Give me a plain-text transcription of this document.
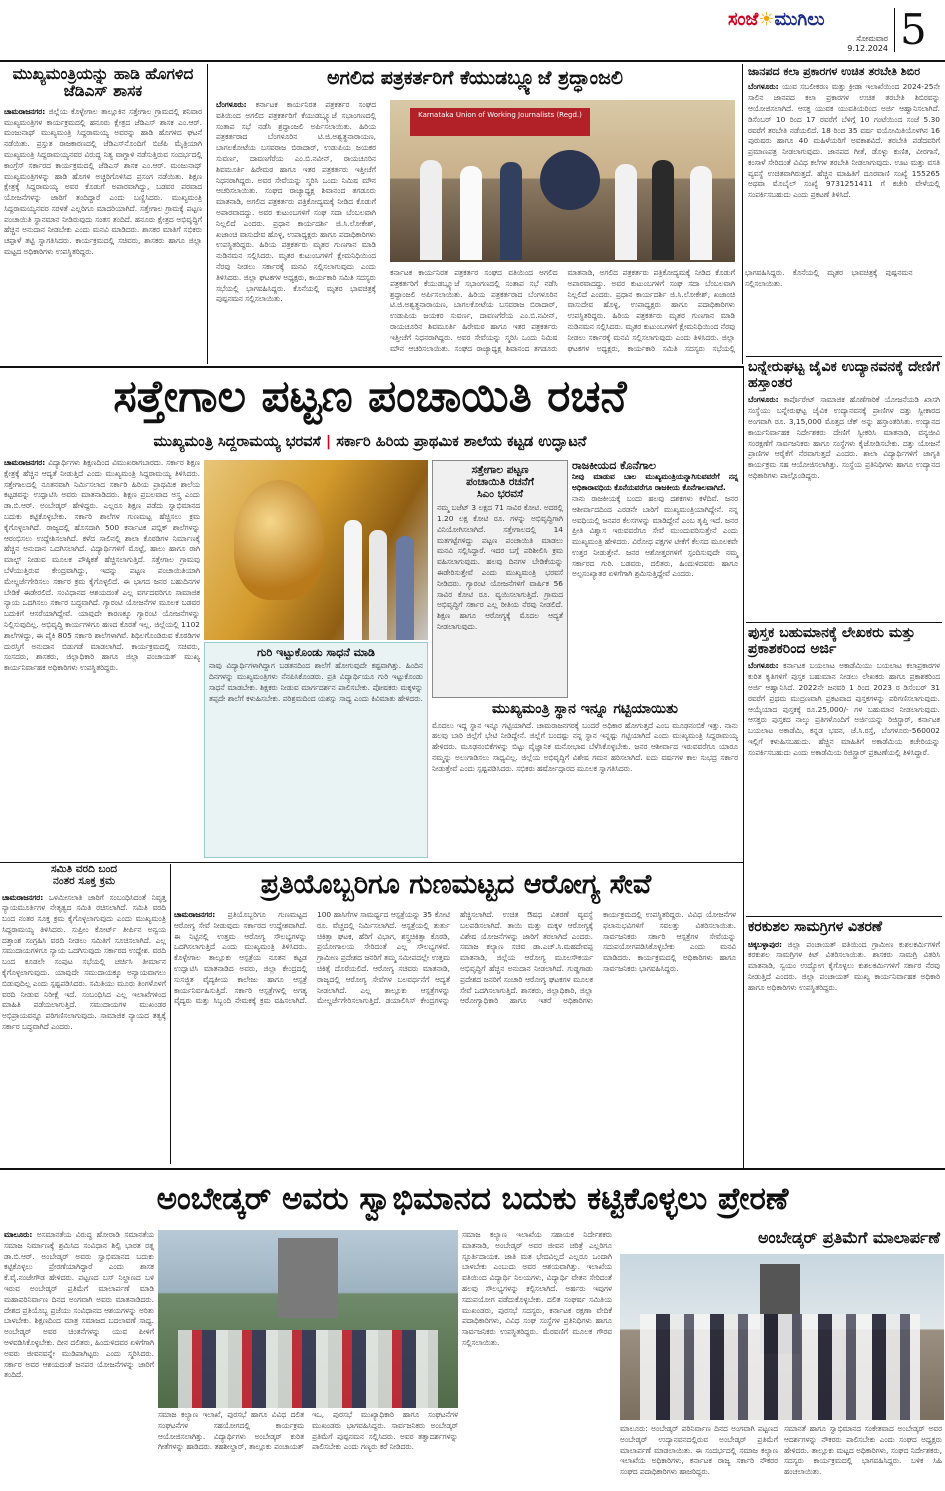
ಸಂಜೆ☀ಮುಗಿಲು
ಸೋಮವಾರ
9.12.2024 5
ಮುಖ್ಯಮಂತ್ರಿಯನ್ನು ಹಾಡಿ ಹೊಗಳಿದ ಜೆಡಿಎಸ್ ಶಾಸಕ
ಚಾಮರಾಜನಗರ: ಜಿಲ್ಲೆಯ ಕೊಳ್ಳೇಗಾಲ ತಾಲ್ಲೂಕಿನ ಸತ್ತೇಗಾಲ ಗ್ರಾಮದಲ್ಲಿ ಶನಿವಾರ ಮುಖ್ಯಮಂತ್ರಿಗಳ ಕಾರ್ಯಕ್ರಮದಲ್ಲಿ ಹನೂರು ಕ್ಷೇತ್ರದ ಜೆಡಿಎಸ್ ಶಾಸಕ ಎಂ.ಆರ್. ಮಂಜುನಾಥ್ ಮುಖ್ಯಮಂತ್ರಿ ಸಿದ್ದರಾಮಯ್ಯ ಅವರನ್ನು ಹಾಡಿ ಹೊಗಳಿದ ಘಟನೆ ನಡೆಯಿತು. ಪ್ರಸ್ತುತ ರಾಜಕಾರಣದಲ್ಲಿ ಜೆಡಿಎಸ್‌ನೊಂದಿಗೆ ಬಿಜೆಪಿ ಮೈತ್ರಿಯಾಗಿ ಮುಖ್ಯಮಂತ್ರಿ ಸಿದ್ದರಾಮಯ್ಯನವರ ವಿರುದ್ಧ ನಿತ್ಯ ವಾಗ್ದಾಳಿ ನಡೆಸುತ್ತಿರುವ ಸಂದರ್ಭದಲ್ಲಿ ಕಾಂಗ್ರೆಸ್ ಸರ್ಕಾರದ ಕಾರ್ಯಕ್ರಮದಲ್ಲಿ ಜೆಡಿಎಸ್ ಶಾಸಕ ಎಂ.ಆರ್. ಮಂಜುನಾಥ್ ಮುಖ್ಯಮಂತ್ರಿಗಳನ್ನು ಹಾಡಿ ಹೊಗಳಿ ಅಚ್ಚರಿಗೊಳಿಸಿದ ಪ್ರಸಂಗ ನಡೆಯಿತು. ಶಿಕ್ಷಣ ಕ್ಷೇತ್ರಕ್ಕೆ ಸಿದ್ದರಾಮಯ್ಯ ಅವರ ಕೊಡುಗೆ ಅಪಾರವಾಗಿದ್ದು, ಬಡವರ ಪರವಾದ ಯೋಜನೆಗಳನ್ನು ಜಾರಿಗೆ ತಂದಿದ್ದಾರೆ ಎಂದು ಬಣ್ಣಿಸಿದರು. ಮುಖ್ಯಮಂತ್ರಿ ಸಿದ್ದರಾಮಯ್ಯನವರ ಸರಳತೆ ಎಲ್ಲರಿಗೂ ಮಾದರಿಯಾಗಿದೆ. ಸತ್ತೇಗಾಲ ಗ್ರಾಮಕ್ಕೆ ಪಟ್ಟಣ ಪಂಚಾಯಿತಿ ಸ್ಥಾನಮಾನ ನೀಡಿರುವುದು ಸಂತಸ ತಂದಿದೆ. ಹನೂರು ಕ್ಷೇತ್ರದ ಅಭಿವೃದ್ಧಿಗೆ ಹೆಚ್ಚಿನ ಅನುದಾನ ನೀಡಬೇಕು ಎಂದು ಮನವಿ ಮಾಡಿದರು. ಶಾಸಕರ ಮಾತಿಗೆ ಸಭಿಕರು ಚಪ್ಪಾಳೆ ತಟ್ಟಿ ಸ್ವಾಗತಿಸಿದರು. ಕಾರ್ಯಕ್ರಮದಲ್ಲಿ ಸಚಿವರು, ಶಾಸಕರು ಹಾಗೂ ಜಿಲ್ಲಾ ಮಟ್ಟದ ಅಧಿಕಾರಿಗಳು ಉಪಸ್ಥಿತರಿದ್ದರು.
ಅಗಲಿದ ಪತ್ರಕರ್ತರಿಗೆ ಕೆಯುಡಬ್ಲ್ಯೂಜೆ ಶ್ರದ್ಧಾಂಜಲಿ
ಬೆಂಗಳೂರು: ಕರ್ನಾಟಕ ಕಾರ್ಯನಿರತ ಪತ್ರಕರ್ತರ ಸಂಘದ ವತಿಯಿಂದ ಅಗಲಿದ ಪತ್ರಕರ್ತರಿಗೆ ಕೆಯುಡಬ್ಲ್ಯೂಜೆ ಸಭಾಂಗಣದಲ್ಲಿ ಸಂತಾಪ ಸಭೆ ನಡೆಸಿ ಶ್ರದ್ಧಾಂಜಲಿ ಅರ್ಪಿಸಲಾಯಿತು. ಹಿರಿಯ ಪತ್ರಕರ್ತರಾದ ಬೆಂಗಳೂರಿನ ಟಿ.ಜಿ.ಅಶ್ವತ್ಥನಾರಾಯಣ, ಬಾಗಲಕೋಟೆಯ ಬಸವರಾಜ ಬಿರಾದಾರ್, ಉಡುಪಿಯ ಜಯಕರ ಸುವರ್ಣ, ದಾವಣಗೆರೆಯ ಎಂ.ಬಿ.ನವೀನ್, ರಾಯಚೂರಿನ ಶಿವಮೂರ್ತಿ ಹಿರೇಮಠ ಹಾಗೂ ಇತರ ಪತ್ರಕರ್ತರು ಇತ್ತೀಚೆಗೆ ನಿಧನರಾಗಿದ್ದರು. ಅವರ ಸೇವೆಯನ್ನು ಸ್ಮರಿಸಿ ಒಂದು ನಿಮಿಷ ಮೌನ ಆಚರಿಸಲಾಯಿತು. ಸಂಘದ ರಾಜ್ಯಾಧ್ಯಕ್ಷ ಶಿವಾನಂದ ತಗಡೂರು ಮಾತನಾಡಿ, ಅಗಲಿದ ಪತ್ರಕರ್ತರು ಪತ್ರಿಕೋದ್ಯಮಕ್ಕೆ ನೀಡಿದ ಕೊಡುಗೆ ಅಪಾರವಾದದ್ದು. ಅವರ ಕುಟುಂಬಗಳಿಗೆ ಸಂಘ ಸದಾ ಬೆಂಬಲವಾಗಿ ನಿಲ್ಲಲಿದೆ ಎಂದರು. ಪ್ರಧಾನ ಕಾರ್ಯದರ್ಶಿ ಜಿ.ಸಿ.ಲೋಕೇಶ್, ಖಜಾಂಚಿ ವಾಸುದೇವ ಹೊಳ್ಳ, ಉಪಾಧ್ಯಕ್ಷರು ಹಾಗೂ ಪದಾಧಿಕಾರಿಗಳು ಉಪಸ್ಥಿತರಿದ್ದರು. ಹಿರಿಯ ಪತ್ರಕರ್ತರು ಮೃತರ ಗುಣಗಾನ ಮಾಡಿ ನುಡಿನಮನ ಸಲ್ಲಿಸಿದರು. ಮೃತರ ಕುಟುಂಬಗಳಿಗೆ ಕ್ಷೇಮನಿಧಿಯಿಂದ ನೆರವು ನೀಡಲು ಸರ್ಕಾರಕ್ಕೆ ಮನವಿ ಸಲ್ಲಿಸಲಾಗುವುದು ಎಂದು ತಿಳಿಸಿದರು. ಜಿಲ್ಲಾ ಘಟಕಗಳ ಅಧ್ಯಕ್ಷರು, ಕಾರ್ಯಕಾರಿ ಸಮಿತಿ ಸದಸ್ಯರು ಸಭೆಯಲ್ಲಿ ಭಾಗವಹಿಸಿದ್ದರು. ಕೊನೆಯಲ್ಲಿ ಮೃತರ ಭಾವಚಿತ್ರಕ್ಕೆ ಪುಷ್ಪನಮನ ಸಲ್ಲಿಸಲಾಯಿತು.
Karnataka Union of Working Journalists (Regd.)
ಕರ್ನಾಟಕ ಕಾರ್ಯನಿರತ ಪತ್ರಕರ್ತರ ಸಂಘದ ವತಿಯಿಂದ ಅಗಲಿದ ಪತ್ರಕರ್ತರಿಗೆ ಕೆಯುಡಬ್ಲ್ಯೂಜೆ ಸಭಾಂಗಣದಲ್ಲಿ ಸಂತಾಪ ಸಭೆ ನಡೆಸಿ ಶ್ರದ್ಧಾಂಜಲಿ ಅರ್ಪಿಸಲಾಯಿತು. ಹಿರಿಯ ಪತ್ರಕರ್ತರಾದ ಬೆಂಗಳೂರಿನ ಟಿ.ಜಿ.ಅಶ್ವತ್ಥನಾರಾಯಣ, ಬಾಗಲಕೋಟೆಯ ಬಸವರಾಜ ಬಿರಾದಾರ್, ಉಡುಪಿಯ ಜಯಕರ ಸುವರ್ಣ, ದಾವಣಗೆರೆಯ ಎಂ.ಬಿ.ನವೀನ್, ರಾಯಚೂರಿನ ಶಿವಮೂರ್ತಿ ಹಿರೇಮಠ ಹಾಗೂ ಇತರ ಪತ್ರಕರ್ತರು ಇತ್ತೀಚೆಗೆ ನಿಧನರಾಗಿದ್ದರು. ಅವರ ಸೇವೆಯನ್ನು ಸ್ಮರಿಸಿ ಒಂದು ನಿಮಿಷ ಮೌನ ಆಚರಿಸಲಾಯಿತು. ಸಂಘದ ರಾಜ್ಯಾಧ್ಯಕ್ಷ ಶಿವಾನಂದ ತಗಡೂರು ಮಾತನಾಡಿ, ಅಗಲಿದ ಪತ್ರಕರ್ತರು ಪತ್ರಿಕೋದ್ಯಮಕ್ಕೆ ನೀಡಿದ ಕೊಡುಗೆ ಅಪಾರವಾದದ್ದು. ಅವರ ಕುಟುಂಬಗಳಿಗೆ ಸಂಘ ಸದಾ ಬೆಂಬಲವಾಗಿ ನಿಲ್ಲಲಿದೆ ಎಂದರು. ಪ್ರಧಾನ ಕಾರ್ಯದರ್ಶಿ ಜಿ.ಸಿ.ಲೋಕೇಶ್, ಖಜಾಂಚಿ ವಾಸುದೇವ ಹೊಳ್ಳ, ಉಪಾಧ್ಯಕ್ಷರು ಹಾಗೂ ಪದಾಧಿಕಾರಿಗಳು ಉಪಸ್ಥಿತರಿದ್ದರು. ಹಿರಿಯ ಪತ್ರಕರ್ತರು ಮೃತರ ಗುಣಗಾನ ಮಾಡಿ ನುಡಿನಮನ ಸಲ್ಲಿಸಿದರು. ಮೃತರ ಕುಟುಂಬಗಳಿಗೆ ಕ್ಷೇಮನಿಧಿಯಿಂದ ನೆರವು ನೀಡಲು ಸರ್ಕಾರಕ್ಕೆ ಮನವಿ ಸಲ್ಲಿಸಲಾಗುವುದು ಎಂದು ತಿಳಿಸಿದರು. ಜಿಲ್ಲಾ ಘಟಕಗಳ ಅಧ್ಯಕ್ಷರು, ಕಾರ್ಯಕಾರಿ ಸಮಿತಿ ಸದಸ್ಯರು ಸಭೆಯಲ್ಲಿ ಭಾಗವಹಿಸಿದ್ದರು. ಕೊನೆಯಲ್ಲಿ ಮೃತರ ಭಾವಚಿತ್ರಕ್ಕೆ ಪುಷ್ಪನಮನ ಸಲ್ಲಿಸಲಾಯಿತು.
ಜಾನಪದ ಕಲಾ ಪ್ರಕಾರಗಳ ಉಚಿತ ತರಬೇತಿ ಶಿಬಿರ
ಬೆಂಗಳೂರು: ಯುವ ಸಬಲೀಕರಣ ಮತ್ತು ಕ್ರೀಡಾ ಇಲಾಖೆಯಿಂದ 2024-25ನೇ ಸಾಲಿನ ಜಾನಪದ ಕಲಾ ಪ್ರಕಾರಗಳ ಉಚಿತ ತರಬೇತಿ ಶಿಬಿರವನ್ನು ಆಯೋಜಿಸಲಾಗಿದೆ. ಆಸಕ್ತ ಯುವಕ ಯುವತಿಯರಿಂದ ಅರ್ಜಿ ಆಹ್ವಾನಿಸಲಾಗಿದೆ. ಡಿಸೆಂಬರ್ 10 ರಿಂದ 17 ರವರೆಗೆ ಬೆಳಿಗ್ಗೆ 10 ಗಂಟೆಯಿಂದ ಸಂಜೆ 5.30 ರವರೆಗೆ ತರಬೇತಿ ನಡೆಯಲಿದೆ. 18 ರಿಂದ 35 ವರ್ಷ ವಯೋಮಿತಿಯೊಳಗಿನ 16 ಪುರುಷರು ಹಾಗೂ 40 ಮಹಿಳೆಯರಿಗೆ ಅವಕಾಶವಿದೆ. ತರಬೇತಿ ಪಡೆದವರಿಗೆ ಪ್ರಮಾಣಪತ್ರ ನೀಡಲಾಗುವುದು. ಜಾನಪದ ಗೀತೆ, ಡೊಳ್ಳು ಕುಣಿತ, ವೀರಗಾಸೆ, ಕಂಸಾಳೆ ಸೇರಿದಂತೆ ವಿವಿಧ ಕಲೆಗಳ ತರಬೇತಿ ನೀಡಲಾಗುವುದು. ಊಟ ಮತ್ತು ವಸತಿ ವ್ಯವಸ್ಥೆ ಉಚಿತವಾಗಿರುತ್ತದೆ. ಹೆಚ್ಚಿನ ಮಾಹಿತಿಗೆ ದೂರವಾಣಿ ಸಂಖ್ಯೆ 155265 ಅಥವಾ ಮೊಬೈಲ್ ಸಂಖ್ಯೆ 9731251411 ಗೆ ಕಚೇರಿ ವೇಳೆಯಲ್ಲಿ ಸಂಪರ್ಕಿಸಬಹುದು ಎಂದು ಪ್ರಕಟಣೆ ತಿಳಿಸಿದೆ.
ಬನ್ನೇರುಘಟ್ಟ ಜೈವಿಕ ಉದ್ಯಾನವನಕ್ಕೆ ದೇಣಿಗೆ ಹಸ್ತಾಂತರ
ಬೆಂಗಳೂರು: ಕಾರ್ಪೊರೇಟ್ ಸಾಮಾಜಿಕ ಹೊಣೆಗಾರಿಕೆ ಯೋಜನೆಯಡಿ ಖಾಸಗಿ ಸಂಸ್ಥೆಯು ಬನ್ನೇರುಘಟ್ಟ ಜೈವಿಕ ಉದ್ಯಾನವನಕ್ಕೆ ಪ್ರಾಣಿಗಳ ದತ್ತು ಸ್ವೀಕಾರದ ಅಂಗವಾಗಿ ರೂ. 3,15,000 ಮೊತ್ತದ ಚೆಕ್ ಅನ್ನು ಹಸ್ತಾಂತರಿಸಿತು. ಉದ್ಯಾನದ ಕಾರ್ಯನಿರ್ವಾಹಕ ನಿರ್ದೇಶಕರು ದೇಣಿಗೆ ಸ್ವೀಕರಿಸಿ ಮಾತನಾಡಿ, ವನ್ಯಜೀವಿ ಸಂರಕ್ಷಣೆಗೆ ಸಾರ್ವಜನಿಕರು ಹಾಗೂ ಸಂಸ್ಥೆಗಳು ಕೈಜೋಡಿಸಬೇಕು. ದತ್ತು ಯೋಜನೆ ಪ್ರಾಣಿಗಳ ಆರೈಕೆಗೆ ನೆರವಾಗುತ್ತದೆ ಎಂದರು. ಶಾಲಾ ವಿದ್ಯಾರ್ಥಿಗಳಿಗೆ ಜಾಗೃತಿ ಕಾರ್ಯಕ್ರಮ ಸಹ ಆಯೋಜಿಸಲಾಗಿತ್ತು. ಸಂಸ್ಥೆಯ ಪ್ರತಿನಿಧಿಗಳು ಹಾಗೂ ಉದ್ಯಾನದ ಅಧಿಕಾರಿಗಳು ಪಾಲ್ಗೊಂಡಿದ್ದರು.
ಪುಸ್ತಕ ಬಹುಮಾನಕ್ಕೆ ಲೇಖಕರು ಮತ್ತು ಪ್ರಕಾಶಕರಿಂದ ಅರ್ಜಿ
ಬೆಂಗಳೂರು: ಕರ್ನಾಟಕ ಬಯಲಾಟ ಅಕಾಡೆಮಿಯು ಬಯಲಾಟ ಕಲಾಪ್ರಕಾರಗಳ ಕುರಿತ ಕೃತಿಗಳಿಗೆ ಪುಸ್ತಕ ಬಹುಮಾನ ನೀಡಲು ಲೇಖಕರು ಹಾಗೂ ಪ್ರಕಾಶಕರಿಂದ ಅರ್ಜಿ ಆಹ್ವಾನಿಸಿದೆ. 2022ನೇ ಜನವರಿ 1 ರಿಂದ 2023 ರ ಡಿಸೆಂಬರ್ 31 ರವರೆಗೆ ಪ್ರಥಮ ಮುದ್ರಣವಾಗಿ ಪ್ರಕಟವಾದ ಪುಸ್ತಕಗಳನ್ನು ಪರಿಗಣಿಸಲಾಗುವುದು. ಆಯ್ಕೆಯಾದ ಪುಸ್ತಕಕ್ಕೆ ರೂ.25,000/- ಗಳ ಬಹುಮಾನ ನೀಡಲಾಗುವುದು. ಆಸಕ್ತರು ಪುಸ್ತಕದ ನಾಲ್ಕು ಪ್ರತಿಗಳೊಂದಿಗೆ ಅರ್ಜಿಯನ್ನು ರಿಜಿಸ್ಟ್ರಾರ್, ಕರ್ನಾಟಕ ಬಯಲಾಟ ಅಕಾಡೆಮಿ, ಕನ್ನಡ ಭವನ, ಜೆ.ಸಿ.ರಸ್ತೆ, ಬೆಂಗಳೂರು-560002 ಇಲ್ಲಿಗೆ ಕಳುಹಿಸಬಹುದು. ಹೆಚ್ಚಿನ ಮಾಹಿತಿಗೆ ಅಕಾಡೆಮಿಯ ಕಚೇರಿಯನ್ನು ಸಂಪರ್ಕಿಸಬಹುದು ಎಂದು ಅಕಾಡೆಮಿಯ ರಿಜಿಸ್ಟ್ರಾರ್ ಪ್ರಕಟಣೆಯಲ್ಲಿ ತಿಳಿಸಿದ್ದಾರೆ.
ಕರಕುಶಲ ಸಾಮಗ್ರಿಗಳ ವಿತರಣೆ
ಚಿಕ್ಕಬಳ್ಳಾಪುರ: ಜಿಲ್ಲಾ ಪಂಚಾಯತ್ ವತಿಯಿಂದ ಗ್ರಾಮೀಣ ಕುಶಲಕರ್ಮಿಗಳಿಗೆ ಕರಕುಶಲ ಸಾಮಗ್ರಿಗಳ ಕಿಟ್ ವಿತರಿಸಲಾಯಿತು. ಶಾಸಕರು ಸಾಮಗ್ರಿ ವಿತರಿಸಿ ಮಾತನಾಡಿ, ಸ್ವಯಂ ಉದ್ಯೋಗ ಕೈಗೊಳ್ಳಲು ಕುಶಲಕರ್ಮಿಗಳಿಗೆ ಸರ್ಕಾರ ನೆರವು ನೀಡುತ್ತಿದೆ ಎಂದರು. ಜಿಲ್ಲಾ ಪಂಚಾಯತ್ ಮುಖ್ಯ ಕಾರ್ಯನಿರ್ವಾಹಕ ಅಧಿಕಾರಿ ಹಾಗೂ ಅಧಿಕಾರಿಗಳು ಉಪಸ್ಥಿತರಿದ್ದರು.
ಸತ್ತೇಗಾಲ ಪಟ್ಟಣ ಪಂಚಾಯಿತಿ ರಚನೆ
ಮುಖ್ಯಮಂತ್ರಿ ಸಿದ್ದರಾಮಯ್ಯ ಭರವಸೆ | ಸರ್ಕಾರಿ ಹಿರಿಯ ಪ್ರಾಥಮಿಕ ಶಾಲೆಯ ಕಟ್ಟಡ ಉದ್ಘಾಟನೆ
ಚಾಮರಾಜನಗರ: ವಿದ್ಯಾರ್ಥಿಗಳು ಶಿಕ್ಷಣದಿಂದ ವಿಮುಖರಾಗಬಾರದು. ಸರ್ಕಾರ ಶಿಕ್ಷಣ ಕ್ಷೇತ್ರಕ್ಕೆ ಹೆಚ್ಚಿನ ಆದ್ಯತೆ ನೀಡುತ್ತಿದೆ ಎಂದು ಮುಖ್ಯಮಂತ್ರಿ ಸಿದ್ದರಾಮಯ್ಯ ತಿಳಿಸಿದರು. ಸತ್ತೇಗಾಲದಲ್ಲಿ ನೂತನವಾಗಿ ನಿರ್ಮಿಸಲಾದ ಸರ್ಕಾರಿ ಹಿರಿಯ ಪ್ರಾಥಮಿಕ ಶಾಲೆಯ ಕಟ್ಟಡವನ್ನು ಉದ್ಘಾಟಿಸಿ ಅವರು ಮಾತನಾಡಿದರು. ಶಿಕ್ಷಣ ಪ್ರಬಲವಾದ ಅಸ್ತ್ರ ಎಂದು ಡಾ.ಬಿ.ಆರ್. ಅಂಬೇಡ್ಕರ್ ಹೇಳಿದ್ದರು. ಎಲ್ಲರೂ ಶಿಕ್ಷಣ ಪಡೆದು ಸ್ವಾಭಿಮಾನದ ಬದುಕು ಕಟ್ಟಿಕೊಳ್ಳಬೇಕು. ಸರ್ಕಾರಿ ಶಾಲೆಗಳ ಗುಣಮಟ್ಟ ಹೆಚ್ಚಿಸಲು ಕ್ರಮ ಕೈಗೊಳ್ಳಲಾಗಿದೆ. ರಾಜ್ಯದಲ್ಲಿ ಹೊಸದಾಗಿ 500 ಕರ್ನಾಟಕ ಪಬ್ಲಿಕ್ ಶಾಲೆಗಳನ್ನು ಆರಂಭಿಸಲು ಉದ್ದೇಶಿಸಲಾಗಿದೆ. ಕಳೆದ ಸಾಲಿನಲ್ಲಿ ಶಾಲಾ ಕೊಠಡಿಗಳ ನಿರ್ಮಾಣಕ್ಕೆ ಹೆಚ್ಚಿನ ಅನುದಾನ ಒದಗಿಸಲಾಗಿದೆ. ವಿದ್ಯಾರ್ಥಿಗಳಿಗೆ ಮೊಟ್ಟೆ, ಹಾಲು ಹಾಗೂ ರಾಗಿ ಮಾಲ್ಟ್ ನೀಡುವ ಮೂಲಕ ಪೌಷ್ಠಿಕತೆ ಹೆಚ್ಚಿಸಲಾಗುತ್ತಿದೆ. ಸತ್ತೇಗಾಲ ಗ್ರಾಮವು ಬೆಳೆಯುತ್ತಿರುವ ಕೇಂದ್ರವಾಗಿದ್ದು, ಇದನ್ನು ಪಟ್ಟಣ ಪಂಚಾಯಿತಿಯಾಗಿ ಮೇಲ್ದರ್ಜೆಗೇರಿಸಲು ಸರ್ಕಾರ ಕ್ರಮ ಕೈಗೊಳ್ಳಲಿದೆ. ಈ ಭಾಗದ ಜನರ ಬಹುದಿನಗಳ ಬೇಡಿಕೆ ಈಡೇರಲಿದೆ. ಸಂವಿಧಾನದ ಆಶಯದಂತೆ ಎಲ್ಲ ವರ್ಗದವರಿಗೂ ಸಾಮಾಜಿಕ ನ್ಯಾಯ ಒದಗಿಸಲು ಸರ್ಕಾರ ಬದ್ಧವಾಗಿದೆ. ಗ್ಯಾರಂಟಿ ಯೋಜನೆಗಳ ಮೂಲಕ ಬಡವರ ಬದುಕಿಗೆ ಆಸರೆಯಾಗಿದ್ದೇವೆ. ಯಾವುದೇ ಕಾರಣಕ್ಕೂ ಗ್ಯಾರಂಟಿ ಯೋಜನೆಗಳನ್ನು ನಿಲ್ಲಿಸುವುದಿಲ್ಲ. ಅಭಿವೃದ್ಧಿ ಕಾರ್ಯಗಳಿಗೂ ಹಣದ ಕೊರತೆ ಇಲ್ಲ. ಜಿಲ್ಲೆಯಲ್ಲಿ 1102 ಶಾಲೆಗಳಿದ್ದು, ಈ ಪೈಕಿ 805 ಸರ್ಕಾರಿ ಶಾಲೆಗಳಾಗಿವೆ. ಶಿಥಿಲಗೊಂಡಿರುವ ಕೊಠಡಿಗಳ ದುರಸ್ತಿಗೆ ಅನುದಾನ ಬಿಡುಗಡೆ ಮಾಡಲಾಗಿದೆ. ಕಾರ್ಯಕ್ರಮದಲ್ಲಿ ಸಚಿವರು, ಸಂಸದರು, ಶಾಸಕರು, ಜಿಲ್ಲಾಧಿಕಾರಿ ಹಾಗೂ ಜಿಲ್ಲಾ ಪಂಚಾಯತ್ ಮುಖ್ಯ ಕಾರ್ಯನಿರ್ವಾಹಕ ಅಧಿಕಾರಿಗಳು ಉಪಸ್ಥಿತರಿದ್ದರು.
ಗುರಿ ಇಟ್ಟುಕೊಂಡು ಸಾಧನೆ ಮಾಡಿ
ನಾವು ವಿದ್ಯಾರ್ಥಿಗಳಾಗಿದ್ದಾಗ ಬಡತನದಿಂದ ಶಾಲೆಗೆ ಹೋಗುವುದೇ ಕಷ್ಟವಾಗಿತ್ತು. ಹಿಂದಿನ ದಿನಗಳನ್ನು ಮುಖ್ಯಮಂತ್ರಿಗಳು ನೆನಪಿಸಿಕೊಂಡರು. ಪ್ರತಿ ವಿದ್ಯಾರ್ಥಿಯೂ ಗುರಿ ಇಟ್ಟುಕೊಂಡು ಸಾಧನೆ ಮಾಡಬೇಕು. ಶಿಕ್ಷಕರು ನೀಡುವ ಮಾರ್ಗದರ್ಶನ ಪಾಲಿಸಬೇಕು. ಪೋಷಕರು ಮಕ್ಕಳನ್ನು ತಪ್ಪದೇ ಶಾಲೆಗೆ ಕಳುಹಿಸಬೇಕು. ಪರಿಶ್ರಮದಿಂದ ಯಶಸ್ಸು ಸಾಧ್ಯ ಎಂದು ಕಿವಿಮಾತು ಹೇಳಿದರು.
ಸತ್ತೇಗಾಲ ಪಟ್ಟಣ
ಪಂಚಾಯಿತಿ ರಚನೆಗೆ
ಸಿಎಂ ಭರವಸೆ
ನಮ್ಮ ಬಜೆಟ್ 3 ಲಕ್ಷದ 71 ಸಾವಿರ ಕೋಟಿ. ಅದರಲ್ಲಿ 1.20 ಲಕ್ಷ ಕೋಟಿ ರೂ. ಗಳನ್ನು ಅಭಿವೃದ್ಧಿಗಾಗಿ ವಿನಿಯೋಗಿಸಲಾಗಿದೆ. ಸತ್ತೇಗಾಲದಲ್ಲಿ 14 ಮತಗಟ್ಟೆಗಳಿದ್ದು ಪಟ್ಟಣ ಪಂಚಾಯಿತಿ ಮಾಡಲು ಮನವಿ ಸಲ್ಲಿಸಿದ್ದಾರೆ. ಇದರ ಬಗ್ಗೆ ಪರಿಶೀಲಿಸಿ ಕ್ರಮ ವಹಿಸಲಾಗುವುದು. ಹಲವು ದಿನಗಳ ಬೇಡಿಕೆಯನ್ನು ಈಡೇರಿಸುತ್ತೇವೆ ಎಂದು ಮುಖ್ಯಮಂತ್ರಿ ಭರವಸೆ ನೀಡಿದರು. ಗ್ಯಾರಂಟಿ ಯೋಜನೆಗಳಿಗೆ ವಾರ್ಷಿಕ 56 ಸಾವಿರ ಕೋಟಿ ರೂ. ವ್ಯಯಿಸಲಾಗುತ್ತಿದೆ. ಗ್ರಾಮದ ಅಭಿವೃದ್ಧಿಗೆ ಸರ್ಕಾರ ಎಲ್ಲ ರೀತಿಯ ನೆರವು ನೀಡಲಿದೆ. ಶಿಕ್ಷಣ ಹಾಗೂ ಆರೋಗ್ಯಕ್ಕೆ ಮೊದಲ ಆದ್ಯತೆ ನೀಡಲಾಗುವುದು.
ರಾಜಕೀಯದ ಕೊನೆಗಾಲ
ನೀವು ಮಾಡುವ ಬಾಲ ಮುಖ್ಯಮಂತ್ರಿಯನ್ನಾಗಿಸುವವರೆಗೆ ನನ್ನ ಅಧಿಕಾರಾವಧಿಯ ಕೊನೆಯವರೆಗೂ ರಾಜಕೀಯ ಕೊನೆಗಾಲವಾಗಿದೆ.
ನಾನು ರಾಜಕೀಯಕ್ಕೆ ಬಂದು ಹಲವು ದಶಕಗಳು ಕಳೆದಿವೆ. ಜನರ ಆಶೀರ್ವಾದದಿಂದ ಎರಡನೇ ಬಾರಿಗೆ ಮುಖ್ಯಮಂತ್ರಿಯಾಗಿದ್ದೇನೆ. ನನ್ನ ಅವಧಿಯಲ್ಲಿ ಜನಪರ ಕೆಲಸಗಳನ್ನು ಮಾಡಿದ್ದೇನೆ ಎಂಬ ತೃಪ್ತಿ ಇದೆ. ಜನರ ಪ್ರೀತಿ ವಿಶ್ವಾಸ ಇರುವವರೆಗೂ ಸೇವೆ ಮುಂದುವರಿಸುತ್ತೇನೆ ಎಂದು ಮುಖ್ಯಮಂತ್ರಿ ಹೇಳಿದರು. ವಿರೋಧ ಪಕ್ಷಗಳ ಟೀಕೆಗೆ ಕೆಲಸದ ಮೂಲಕವೇ ಉತ್ತರ ನೀಡುತ್ತೇನೆ. ಜನರ ಆಶೋತ್ತರಗಳಿಗೆ ಸ್ಪಂದಿಸುವುದೇ ನಮ್ಮ ಸರ್ಕಾರದ ಗುರಿ. ಬಡವರು, ದಲಿತರು, ಹಿಂದುಳಿದವರು ಹಾಗೂ ಅಲ್ಪಸಂಖ್ಯಾತರ ಏಳಿಗೆಗಾಗಿ ಶ್ರಮಿಸುತ್ತಿದ್ದೇವೆ ಎಂದರು.
ಮುಖ್ಯಮಂತ್ರಿ ಸ್ಥಾನ ಇನ್ನೂ ಗಟ್ಟಿಯಾಯಿತು
ಮೊದಲು ಇದ್ದ ಸ್ಥಾನ ಇನ್ನೂ ಗಟ್ಟಿಯಾಗಿದೆ. ಚಾಮರಾಜನಗರಕ್ಕೆ ಬಂದರೆ ಅಧಿಕಾರ ಹೋಗುತ್ತದೆ ಎಂಬ ಮೂಢನಂಬಿಕೆ ಇತ್ತು. ನಾನು ಹಲವು ಬಾರಿ ಜಿಲ್ಲೆಗೆ ಭೇಟಿ ನೀಡಿದ್ದೇನೆ. ಜಿಲ್ಲೆಗೆ ಬಂದಷ್ಟು ನನ್ನ ಸ್ಥಾನ ಇನ್ನಷ್ಟು ಗಟ್ಟಿಯಾಗಿದೆ ಎಂದು ಮುಖ್ಯಮಂತ್ರಿ ಸಿದ್ದರಾಮಯ್ಯ ಹೇಳಿದರು. ಮೂಢನಂಬಿಕೆಗಳನ್ನು ಬಿಟ್ಟು ವೈಜ್ಞಾನಿಕ ಮನೋಭಾವ ಬೆಳೆಸಿಕೊಳ್ಳಬೇಕು. ಜನರ ಆಶೀರ್ವಾದ ಇರುವವರೆಗೂ ಯಾರೂ ನಮ್ಮನ್ನು ಅಲುಗಾಡಿಸಲು ಸಾಧ್ಯವಿಲ್ಲ. ಜಿಲ್ಲೆಯ ಅಭಿವೃದ್ಧಿಗೆ ವಿಶೇಷ ಗಮನ ಹರಿಸಲಾಗಿದೆ. ಐದು ವರ್ಷಗಳ ಕಾಲ ಸುಭದ್ರ ಸರ್ಕಾರ ನೀಡುತ್ತೇವೆ ಎಂದು ಸ್ಪಷ್ಟಪಡಿಸಿದರು. ಸಭಿಕರು ಹರ್ಷೋದ್ಗಾರದ ಮೂಲಕ ಸ್ವಾಗತಿಸಿದರು.
ಸಮಿತಿ ವರದಿ ಬಂದ
ನಂತರ ಸೂಕ್ತ ಕ್ರಮ
ಚಾಮರಾಜನಗರ: ಒಳಮೀಸಲಾತಿ ಜಾರಿಗೆ ಸಂಬಂಧಿಸಿದಂತೆ ನಿವೃತ್ತ ನ್ಯಾಯಮೂರ್ತಿಗಳ ನೇತೃತ್ವದ ಸಮಿತಿ ರಚಿಸಲಾಗಿದೆ. ಸಮಿತಿ ವರದಿ ಬಂದ ನಂತರ ಸೂಕ್ತ ಕ್ರಮ ಕೈಗೊಳ್ಳಲಾಗುವುದು ಎಂದು ಮುಖ್ಯಮಂತ್ರಿ ಸಿದ್ದರಾಮಯ್ಯ ತಿಳಿಸಿದರು. ಸುಪ್ರೀಂ ಕೋರ್ಟ್ ತೀರ್ಪಿನ ಅನ್ವಯ ದತ್ತಾಂಶ ಸಂಗ್ರಹಿಸಿ ವರದಿ ನೀಡಲು ಸಮಿತಿಗೆ ಸೂಚಿಸಲಾಗಿದೆ. ಎಲ್ಲ ಸಮುದಾಯಗಳಿಗೂ ನ್ಯಾಯ ಒದಗಿಸುವುದು ಸರ್ಕಾರದ ಉದ್ದೇಶ. ವರದಿ ಬಂದ ಕೂಡಲೇ ಸಂಪುಟ ಸಭೆಯಲ್ಲಿ ಚರ್ಚಿಸಿ ತೀರ್ಮಾನ ಕೈಗೊಳ್ಳಲಾಗುವುದು. ಯಾವುದೇ ಸಮುದಾಯಕ್ಕೂ ಅನ್ಯಾಯವಾಗಲು ಬಿಡುವುದಿಲ್ಲ ಎಂದು ಸ್ಪಷ್ಟಪಡಿಸಿದರು. ಸಮಿತಿಯು ಮೂರು ತಿಂಗಳೊಳಗೆ ವರದಿ ನೀಡುವ ನಿರೀಕ್ಷೆ ಇದೆ. ಸಂಬಂಧಿಸಿದ ಎಲ್ಲ ಇಲಾಖೆಗಳಿಂದ ಮಾಹಿತಿ ಪಡೆಯಲಾಗುತ್ತಿದೆ. ಸಮುದಾಯಗಳ ಮುಖಂಡರ ಅಭಿಪ್ರಾಯವನ್ನೂ ಪರಿಗಣಿಸಲಾಗುವುದು. ಸಾಮಾಜಿಕ ನ್ಯಾಯದ ತತ್ವಕ್ಕೆ ಸರ್ಕಾರ ಬದ್ಧವಾಗಿದೆ ಎಂದರು.
ಪ್ರತಿಯೊಬ್ಬರಿಗೂ ಗುಣಮಟ್ಟದ ಆರೋಗ್ಯ ಸೇವೆ
ಚಾಮರಾಜನಗರ: ಪ್ರತಿಯೊಬ್ಬರಿಗೂ ಗುಣಮಟ್ಟದ ಆರೋಗ್ಯ ಸೇವೆ ನೀಡುವುದು ಸರ್ಕಾರದ ಉದ್ದೇಶವಾಗಿದೆ. ಈ ನಿಟ್ಟಿನಲ್ಲಿ ಉತ್ತಮ ಆರೋಗ್ಯ ಸೌಲಭ್ಯಗಳನ್ನು ಒದಗಿಸಲಾಗುತ್ತಿದೆ ಎಂದು ಮುಖ್ಯಮಂತ್ರಿ ತಿಳಿಸಿದರು. ಕೊಳ್ಳೇಗಾಲ ತಾಲ್ಲೂಕು ಆಸ್ಪತ್ರೆಯ ನೂತನ ಕಟ್ಟಡ ಉದ್ಘಾಟಿಸಿ ಮಾತನಾಡಿದ ಅವರು, ಜಿಲ್ಲಾ ಕೇಂದ್ರದಲ್ಲಿ ಸುಸಜ್ಜಿತ ವೈದ್ಯಕೀಯ ಕಾಲೇಜು ಹಾಗೂ ಆಸ್ಪತ್ರೆ ಕಾರ್ಯನಿರ್ವಹಿಸುತ್ತಿದೆ. ಸರ್ಕಾರಿ ಆಸ್ಪತ್ರೆಗಳಲ್ಲಿ ಅಗತ್ಯ ವೈದ್ಯರು ಮತ್ತು ಸಿಬ್ಬಂದಿ ನೇಮಕಕ್ಕೆ ಕ್ರಮ ವಹಿಸಲಾಗಿದೆ. 100 ಹಾಸಿಗೆಗಳ ಸಾಮರ್ಥ್ಯದ ಆಸ್ಪತ್ರೆಯನ್ನು 35 ಕೋಟಿ ರೂ. ವೆಚ್ಚದಲ್ಲಿ ನಿರ್ಮಿಸಲಾಗಿದೆ. ಆಸ್ಪತ್ರೆಯಲ್ಲಿ ತುರ್ತು ಚಿಕಿತ್ಸಾ ಘಟಕ, ಹೆರಿಗೆ ವಿಭಾಗ, ಶಸ್ತ್ರಚಿಕಿತ್ಸಾ ಕೊಠಡಿ, ಪ್ರಯೋಗಾಲಯ ಸೇರಿದಂತೆ ಎಲ್ಲ ಸೌಲಭ್ಯಗಳಿವೆ. ಗ್ರಾಮೀಣ ಪ್ರದೇಶದ ಜನರಿಗೆ ತಮ್ಮ ಸಮೀಪದಲ್ಲೇ ಉತ್ತಮ ಚಿಕಿತ್ಸೆ ದೊರೆಯಲಿದೆ. ಆರೋಗ್ಯ ಸಚಿವರು ಮಾತನಾಡಿ, ರಾಜ್ಯದಲ್ಲಿ ಆರೋಗ್ಯ ಸೇವೆಗಳ ಬಲವರ್ಧನೆಗೆ ಆದ್ಯತೆ ನೀಡಲಾಗಿದೆ. ಎಲ್ಲ ತಾಲ್ಲೂಕು ಆಸ್ಪತ್ರೆಗಳನ್ನು ಮೇಲ್ದರ್ಜೆಗೇರಿಸಲಾಗುತ್ತಿದೆ. ಡಯಾಲಿಸಿಸ್ ಕೇಂದ್ರಗಳನ್ನು ಹೆಚ್ಚಿಸಲಾಗಿದೆ. ಉಚಿತ ಔಷಧ ವಿತರಣೆ ವ್ಯವಸ್ಥೆ ಬಲಪಡಿಸಲಾಗಿದೆ. ತಾಯಿ ಮತ್ತು ಮಕ್ಕಳ ಆರೋಗ್ಯಕ್ಕೆ ವಿಶೇಷ ಯೋಜನೆಗಳನ್ನು ಜಾರಿಗೆ ತರಲಾಗಿದೆ ಎಂದರು. ಸಮಾಜ ಕಲ್ಯಾಣ ಸಚಿವ ಡಾ.ಎಚ್.ಸಿ.ಮಹದೇವಪ್ಪ ಮಾತನಾಡಿ, ಜಿಲ್ಲೆಯ ಆರೋಗ್ಯ ಮೂಲಸೌಕರ್ಯ ಅಭಿವೃದ್ಧಿಗೆ ಹೆಚ್ಚಿನ ಅನುದಾನ ನೀಡಲಾಗಿದೆ. ಗುಡ್ಡಗಾಡು ಪ್ರದೇಶದ ಜನರಿಗೆ ಸಂಚಾರಿ ಆರೋಗ್ಯ ಘಟಕಗಳ ಮೂಲಕ ಸೇವೆ ಒದಗಿಸಲಾಗುತ್ತಿದೆ. ಶಾಸಕರು, ಜಿಲ್ಲಾಧಿಕಾರಿ, ಜಿಲ್ಲಾ ಆರೋಗ್ಯಾಧಿಕಾರಿ ಹಾಗೂ ಇತರೆ ಅಧಿಕಾರಿಗಳು ಕಾರ್ಯಕ್ರಮದಲ್ಲಿ ಉಪಸ್ಥಿತರಿದ್ದರು. ವಿವಿಧ ಯೋಜನೆಗಳ ಫಲಾನುಭವಿಗಳಿಗೆ ಸವಲತ್ತು ವಿತರಿಸಲಾಯಿತು. ಸಾರ್ವಜನಿಕರು ಸರ್ಕಾರಿ ಆಸ್ಪತ್ರೆಗಳ ಸೇವೆಯನ್ನು ಸದುಪಯೋಗಪಡಿಸಿಕೊಳ್ಳಬೇಕು ಎಂದು ಮನವಿ ಮಾಡಿದರು. ಕಾರ್ಯಕ್ರಮದಲ್ಲಿ ಅಧಿಕಾರಿಗಳು ಹಾಗೂ ಸಾರ್ವಜನಿಕರು ಭಾಗವಹಿಸಿದ್ದರು.
ಅಂಬೇಡ್ಕರ್ ಅವರು ಸ್ವಾಭಿಮಾನದ ಬದುಕು ಕಟ್ಟಿಕೊಳ್ಳಲು ಪ್ರೇರಣೆ
ಮಾಲೂರು: ಅಸಮಾನತೆಯ ವಿರುದ್ಧ ಹೋರಾಡಿ ಸಮಾನತೆಯ ಸಮಾಜ ನಿರ್ಮಾಣಕ್ಕೆ ಶ್ರಮಿಸಿದ ಸಂವಿಧಾನ ಶಿಲ್ಪಿ ಭಾರತ ರತ್ನ ಡಾ.ಬಿ.ಆರ್. ಅಂಬೇಡ್ಕರ್ ಅವರು ಸ್ವಾಭಿಮಾನದ ಬದುಕು ಕಟ್ಟಿಕೊಳ್ಳಲು ಪ್ರೇರಣೆಯಾಗಿದ್ದಾರೆ ಎಂದು ಶಾಸಕ ಕೆ.ವೈ.ನಂಜೇಗೌಡ ಹೇಳಿದರು. ಪಟ್ಟಣದ ಬಸ್ ನಿಲ್ದಾಣದ ಬಳಿ ಇರುವ ಅಂಬೇಡ್ಕರ್ ಪ್ರತಿಮೆಗೆ ಮಾಲಾರ್ಪಣೆ ಮಾಡಿ ಮಹಾಪರಿನಿರ್ವಾಣ ದಿನದ ಅಂಗವಾಗಿ ಅವರು ಮಾತನಾಡಿದರು. ದೇಶದ ಪ್ರತಿಯೊಬ್ಬ ಪ್ರಜೆಯು ಸಂವಿಧಾನದ ಆಶಯಗಳನ್ನು ಅರಿತು ಬಾಳಬೇಕು. ಶಿಕ್ಷಣದಿಂದ ಮಾತ್ರ ಸಮಾಜದ ಬದಲಾವಣೆ ಸಾಧ್ಯ. ಅಂಬೇಡ್ಕರ್ ಅವರ ಚಿಂತನೆಗಳನ್ನು ಯುವ ಪೀಳಿಗೆ ಅಳವಡಿಸಿಕೊಳ್ಳಬೇಕು. ದೀನ ದಲಿತರು, ಹಿಂದುಳಿದವರ ಏಳಿಗೆಗಾಗಿ ಅವರು ಜೀವನವನ್ನೇ ಮುಡಿಪಾಗಿಟ್ಟರು ಎಂದು ಸ್ಮರಿಸಿದರು. ಸರ್ಕಾರ ಅವರ ಆಶಯದಂತೆ ಜನಪರ ಯೋಜನೆಗಳನ್ನು ಜಾರಿಗೆ ತಂದಿದೆ.
ಸಮಾಜ ಕಲ್ಯಾಣ ಇಲಾಖೆ, ಪುರಸಭೆ ಹಾಗೂ ವಿವಿಧ ದಲಿತ ಸಂಘಟನೆಗಳ ಸಹಯೋಗದಲ್ಲಿ ಕಾರ್ಯಕ್ರಮ ಆಯೋಜಿಸಲಾಗಿತ್ತು. ವಿದ್ಯಾರ್ಥಿಗಳು ಅಂಬೇಡ್ಕರ್ ಕುರಿತ ಗೀತೆಗಳನ್ನು ಹಾಡಿದರು. ತಹಶೀಲ್ದಾರ್, ತಾಲ್ಲೂಕು ಪಂಚಾಯತ್ ಇಒ, ಪುರಸಭೆ ಮುಖ್ಯಾಧಿಕಾರಿ ಹಾಗೂ ಸಂಘಟನೆಗಳ ಮುಖಂಡರು ಭಾಗವಹಿಸಿದ್ದರು. ಸಾರ್ವಜನಿಕರು ಅಂಬೇಡ್ಕರ್ ಪ್ರತಿಮೆಗೆ ಪುಷ್ಪನಮನ ಸಲ್ಲಿಸಿದರು. ಅವರ ತತ್ವಾದರ್ಶಗಳನ್ನು ಪಾಲಿಸಬೇಕು ಎಂದು ಗಣ್ಯರು ಕರೆ ನೀಡಿದರು.
ಸಮಾಜ ಕಲ್ಯಾಣ ಇಲಾಖೆಯ ಸಹಾಯಕ ನಿರ್ದೇಶಕರು ಮಾತನಾಡಿ, ಅಂಬೇಡ್ಕರ್ ಅವರ ಜೀವನ ಚರಿತ್ರೆ ಎಲ್ಲರಿಗೂ ಸ್ಫೂರ್ತಿದಾಯಕ. ಜಾತಿ ಮತ ಭೇದವಿಲ್ಲದೆ ಎಲ್ಲರೂ ಒಂದಾಗಿ ಬಾಳಬೇಕು ಎಂಬುದು ಅವರ ಆಶಯವಾಗಿತ್ತು. ಇಲಾಖೆಯ ವತಿಯಿಂದ ವಿದ್ಯಾರ್ಥಿ ನಿಲಯಗಳು, ವಿದ್ಯಾರ್ಥಿ ವೇತನ ಸೇರಿದಂತೆ ಹಲವು ಸೌಲಭ್ಯಗಳನ್ನು ಕಲ್ಪಿಸಲಾಗಿದೆ. ಅರ್ಹರು ಇವುಗಳ ಸದುಪಯೋಗ ಪಡೆದುಕೊಳ್ಳಬೇಕು. ದಲಿತ ಸಂಘರ್ಷ ಸಮಿತಿಯ ಮುಖಂಡರು, ಪುರಸಭೆ ಸದಸ್ಯರು, ಕರ್ನಾಟಕ ರಕ್ಷಣಾ ವೇದಿಕೆ ಪದಾಧಿಕಾರಿಗಳು, ವಿವಿಧ ಸಂಘ ಸಂಸ್ಥೆಗಳ ಪ್ರತಿನಿಧಿಗಳು ಹಾಗೂ ಸಾರ್ವಜನಿಕರು ಉಪಸ್ಥಿತರಿದ್ದರು. ಮೆರವಣಿಗೆ ಮೂಲಕ ಗೌರವ ಸಲ್ಲಿಸಲಾಯಿತು.
ಅಂಬೇಡ್ಕರ್ ಪ್ರತಿಮೆಗೆ ಮಾಲಾರ್ಪಣೆ
ಮಾಲೂರು: ಅಂಬೇಡ್ಕರ್ ಪರಿನಿರ್ವಾಣ ದಿನದ ಅಂಗವಾಗಿ ಪಟ್ಟಣದ ಅಂಬೇಡ್ಕರ್ ಉದ್ಯಾನವನದಲ್ಲಿರುವ ಅಂಬೇಡ್ಕರ್ ಪ್ರತಿಮೆಗೆ ಮಾಲಾರ್ಪಣೆ ಮಾಡಲಾಯಿತು. ಈ ಸಂದರ್ಭದಲ್ಲಿ ಸಮಾಜ ಕಲ್ಯಾಣ ಇಲಾಖೆಯ ಅಧಿಕಾರಿಗಳು, ಕರ್ನಾಟಕ ರಾಜ್ಯ ಸರ್ಕಾರಿ ನೌಕರರ ಸಂಘದ ಪದಾಧಿಕಾರಿಗಳು ಹಾಜರಿದ್ದರು.
ಸಮಾನತೆ ಹಾಗೂ ಸ್ವಾಭಿಮಾನದ ಸಂಕೇತವಾದ ಅಂಬೇಡ್ಕರ್ ಅವರ ಆದರ್ಶಗಳನ್ನು ನೌಕರರು ಪಾಲಿಸಬೇಕು ಎಂದು ಸಂಘದ ಅಧ್ಯಕ್ಷರು ಹೇಳಿದರು. ತಾಲ್ಲೂಕು ಮಟ್ಟದ ಅಧಿಕಾರಿಗಳು, ಸಂಘದ ನಿರ್ದೇಶಕರು, ಸದಸ್ಯರು ಕಾರ್ಯಕ್ರಮದಲ್ಲಿ ಭಾಗವಹಿಸಿದ್ದರು. ಬಳಿಕ ಸಿಹಿ ಹಂಚಲಾಯಿತು.
